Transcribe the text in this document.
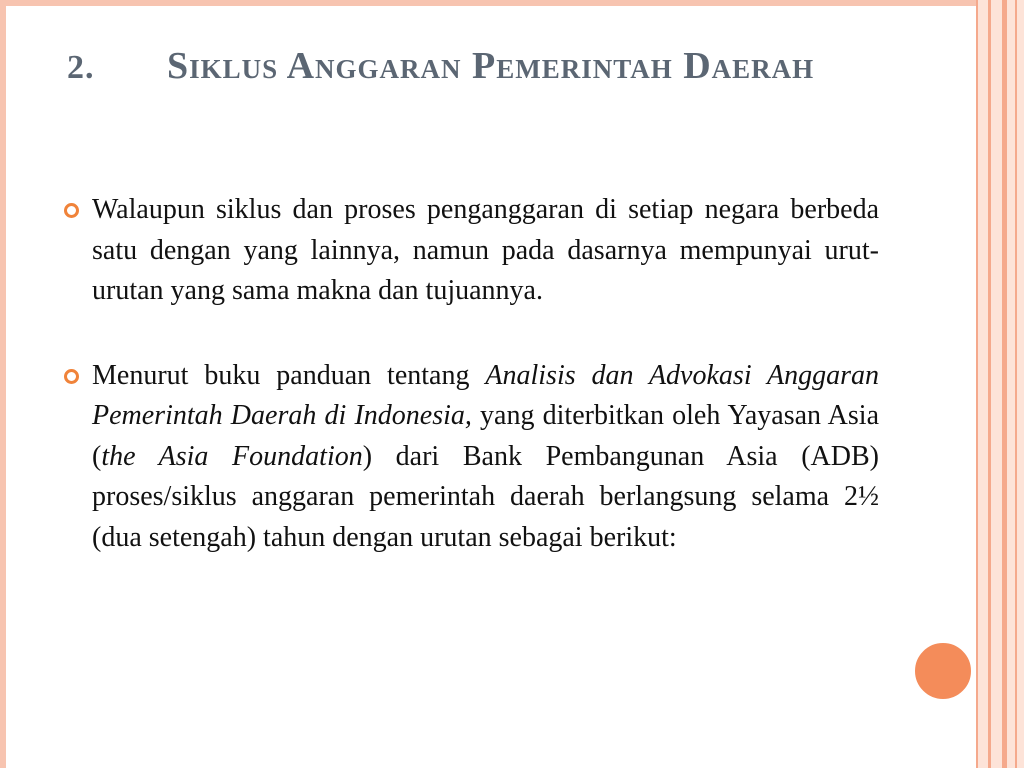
2. Siklus Anggaran Pemerintah Daerah
Walaupun siklus dan proses penganggaran di setiap negara berbeda satu dengan yang lainnya, namun pada dasarnya mempunyai urut-urutan yang sama makna dan tujuannya.
Menurut buku panduan tentang Analisis dan Advokasi Anggaran Pemerintah Daerah di Indonesia, yang diterbitkan oleh Yayasan Asia (the Asia Foundation) dari Bank Pembangunan Asia (ADB) proses/siklus anggaran pemerintah daerah berlangsung selama 2½ (dua setengah) tahun dengan urutan sebagai berikut:
